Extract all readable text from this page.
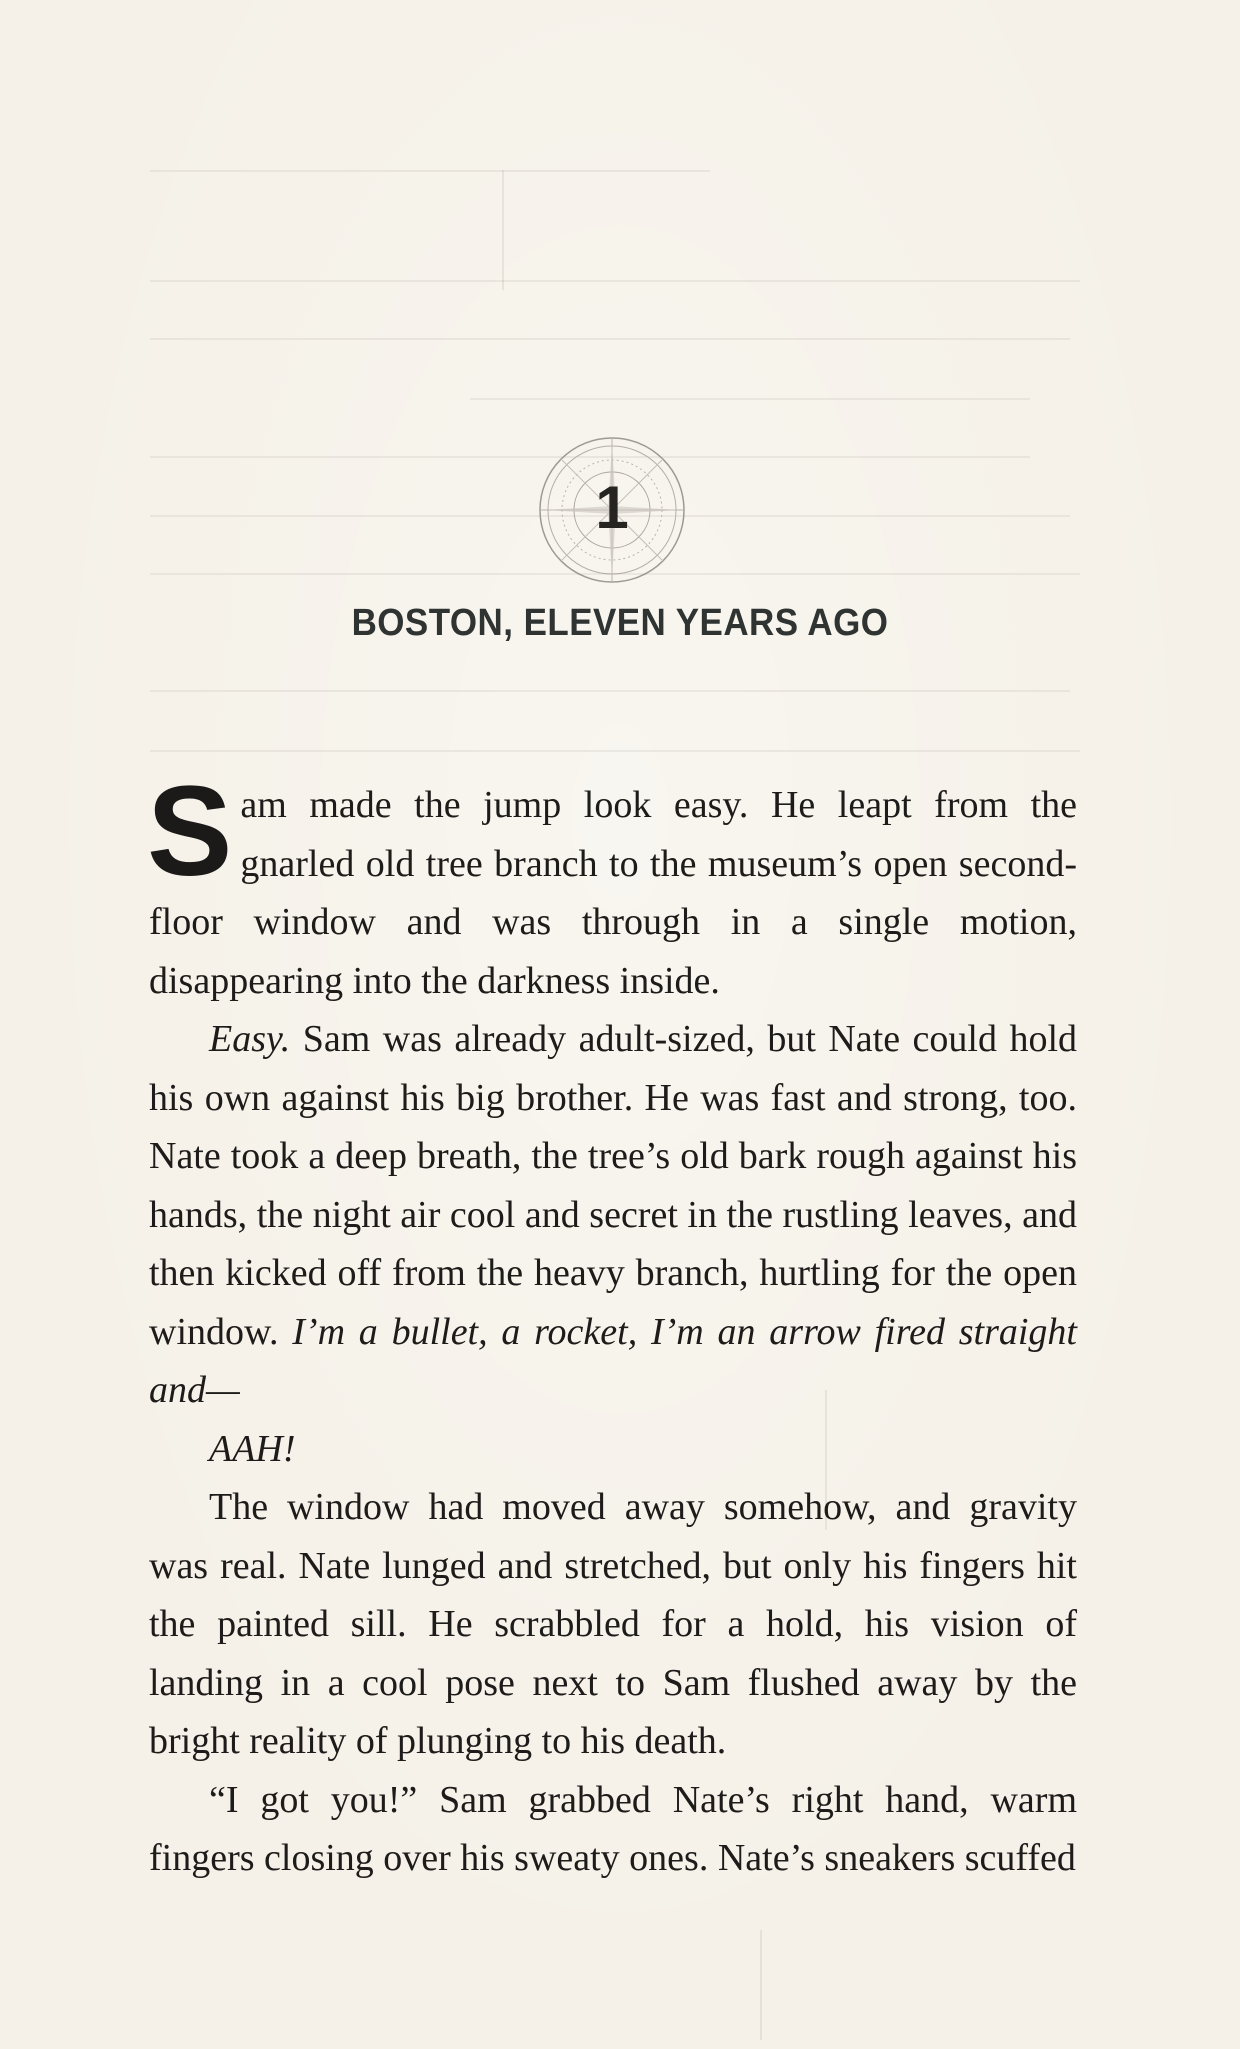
1
BOSTON, ELEVEN YEARS AGO

Sam made the jump look easy. He leapt from the gnarled old tree branch to the museum’s open second-floor window and was through in a single motion, disappearing into the darkness inside.

Easy. Sam was already adult-sized, but Nate could hold his own against his big brother. He was fast and strong, too. Nate took a deep breath, the tree’s old bark rough against his hands, the night air cool and secret in the rustling leaves, and then kicked off from the heavy branch, hurtling for the open window. I’m a bullet, a rocket, I’m an arrow fired straight and—

AAH!

The window had moved away somehow, and gravity was real. Nate lunged and stretched, but only his fingers hit the painted sill. He scrabbled for a hold, his vision of landing in a cool pose next to Sam flushed away by the bright reality of plunging to his death.

“I got you!” Sam grabbed Nate’s right hand, warm fingers closing over his sweaty ones. Nate’s sneakers scuffed
